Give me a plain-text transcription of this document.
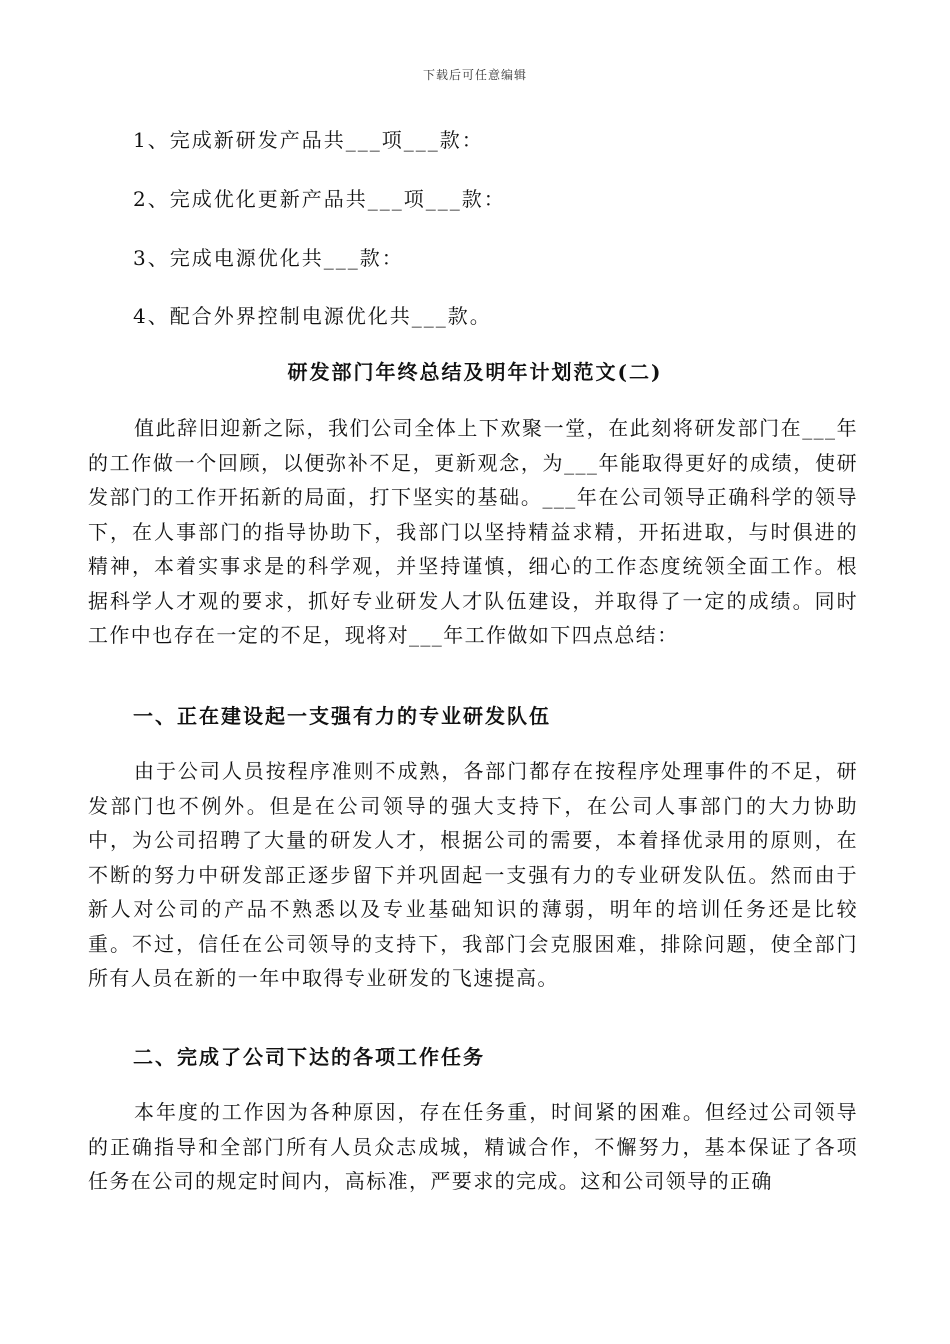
下载后可任意编辑
1、完成新研发产品共___项___款：
2、完成优化更新产品共___项___款：
3、完成电源优化共___款：
4、配合外界控制电源优化共___款。
研发部门年终总结及明年计划范文(二)

值此辞旧迎新之际，我们公司全体上下欢聚一堂，在此刻将研发部门在___年的工作做一个回顾，以便弥补不足，更新观念，为___年能取得更好的成绩，使研发部门的工作开拓新的局面，打下坚实的基础。___年在公司领导正确科学的领导下，在人事部门的指导协助下，我部门以坚持精益求精，开拓进取，与时俱进的精神，本着实事求是的科学观，并坚持谨慎，细心的工作态度统领全面工作。根据科学人才观的要求，抓好专业研发人才队伍建设，并取得了一定的成绩。同时工作中也存在一定的不足，现将对___年工作做如下四点总结：

一、正在建设起一支强有力的专业研发队伍

由于公司人员按程序准则不成熟，各部门都存在按程序处理事件的不足，研发部门也不例外。但是在公司领导的强大支持下，在公司人事部门的大力协助中，为公司招聘了大量的研发人才，根据公司的需要，本着择优录用的原则，在不断的努力中研发部正逐步留下并巩固起一支强有力的专业研发队伍。然而由于新人对公司的产品不熟悉以及专业基础知识的薄弱，明年的培训任务还是比较重。不过，信任在公司领导的支持下，我部门会克服困难，排除问题，使全部门所有人员在新的一年中取得专业研发的飞速提高。

二、完成了公司下达的各项工作任务

本年度的工作因为各种原因，存在任务重，时间紧的困难。但经过公司领导的正确指导和全部门所有人员众志成城，精诚合作，不懈努力，基本保证了各项任务在公司的规定时间内，高标准，严要求的完成。这和公司领导的正确
